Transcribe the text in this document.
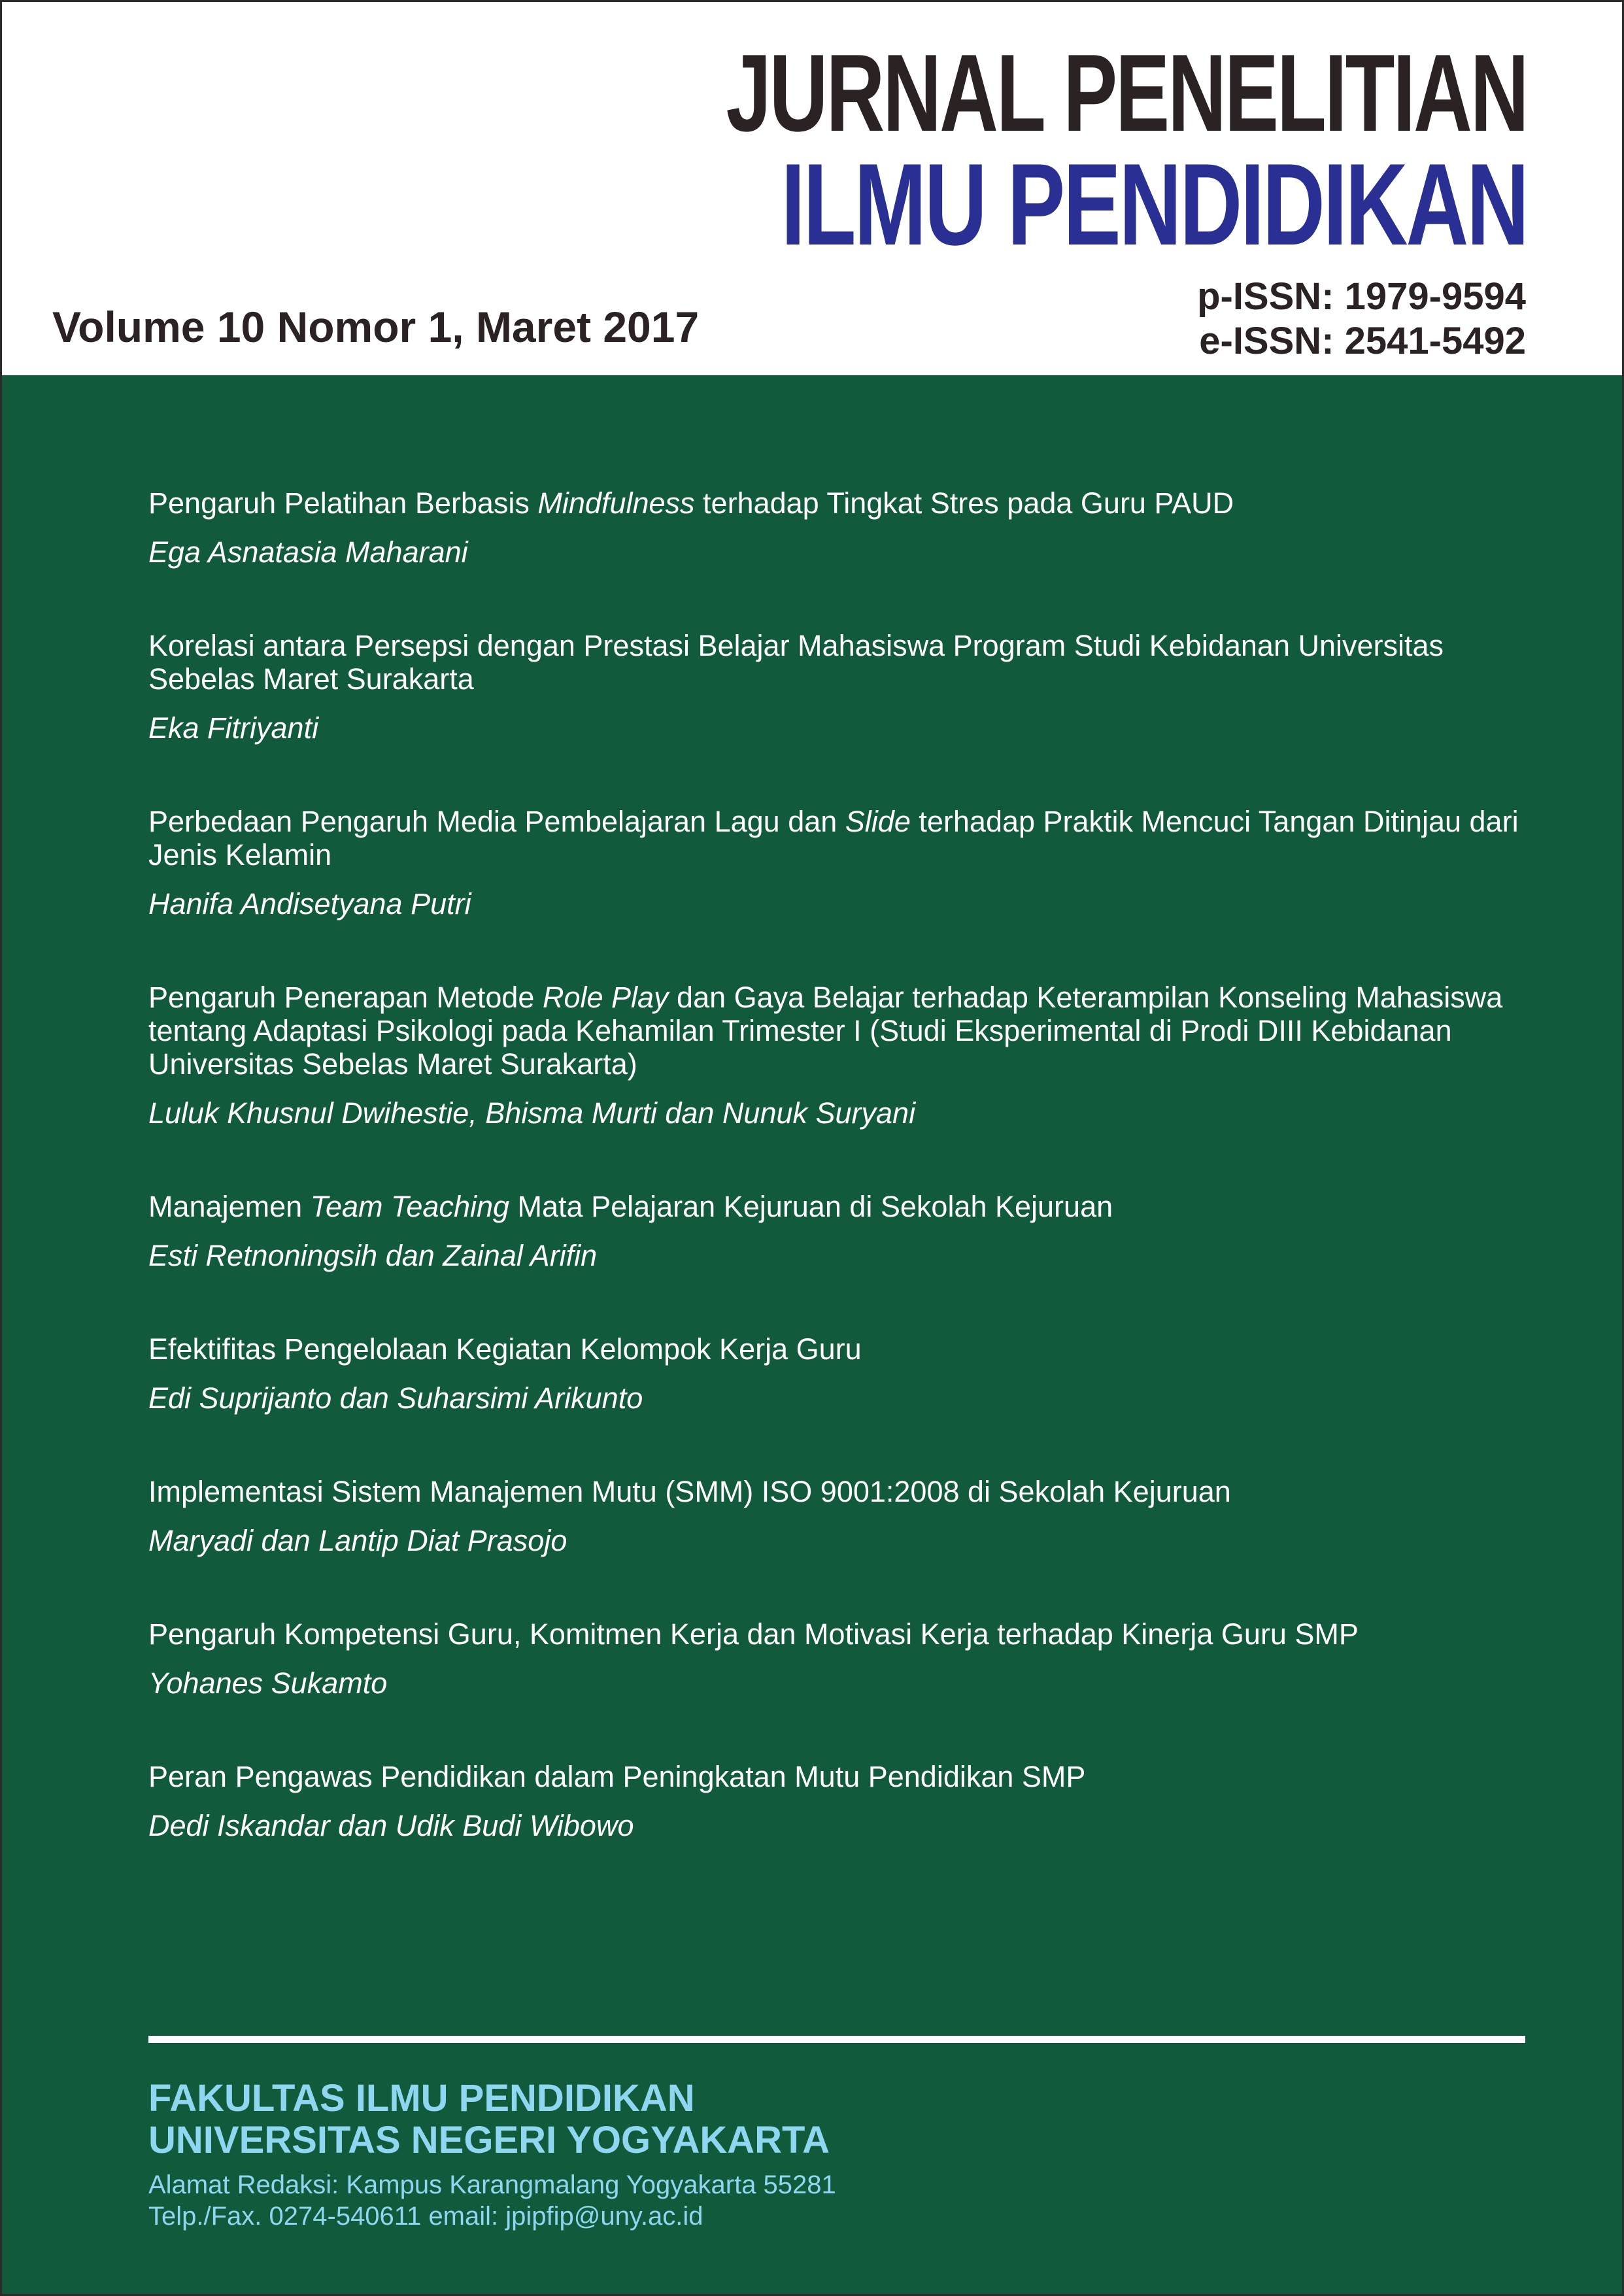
JURNAL PENELITIAN
ILMU PENDIDIKAN
Volume 10 Nomor 1, Maret 2017
p-ISSN: 1979-9594
e-ISSN: 2541-5492

Pengaruh Pelatihan Berbasis Mindfulness terhadap Tingkat Stres pada Guru PAUD

Ega Asnatasia Maharani

Korelasi antara Persepsi dengan Prestasi Belajar Mahasiswa Program Studi Kebidanan Universitas Sebelas Maret Surakarta

Eka Fitriyanti

Perbedaan Pengaruh Media Pembelajaran Lagu dan Slide terhadap Praktik Mencuci Tangan Ditinjau dari Jenis Kelamin

Hanifa Andisetyana Putri

Pengaruh Penerapan Metode Role Play dan Gaya Belajar terhadap Keterampilan Konseling Mahasiswa tentang Adaptasi Psikologi pada Kehamilan Trimester I (Studi Eksperimental di Prodi DIII Kebidanan Universitas Sebelas Maret Surakarta)

Luluk Khusnul Dwihestie, Bhisma Murti dan Nunuk Suryani

Manajemen Team Teaching Mata Pelajaran Kejuruan di Sekolah Kejuruan

Esti Retnoningsih dan Zainal Arifin

Efektifitas Pengelolaan Kegiatan Kelompok Kerja Guru

Edi Suprijanto dan Suharsimi Arikunto

Implementasi Sistem Manajemen Mutu (SMM) ISO 9001:2008 di Sekolah Kejuruan

Maryadi dan Lantip Diat Prasojo

Pengaruh Kompetensi Guru, Komitmen Kerja dan Motivasi Kerja terhadap Kinerja Guru SMP

Yohanes Sukamto

Peran Pengawas Pendidikan dalam Peningkatan Mutu Pendidikan SMP

Dedi Iskandar dan Udik Budi Wibowo
FAKULTAS ILMU PENDIDIKAN
UNIVERSITAS NEGERI YOGYAKARTA
Alamat Redaksi: Kampus Karangmalang Yogyakarta 55281
Telp./Fax. 0274-540611 email: jpipfip@uny.ac.id
